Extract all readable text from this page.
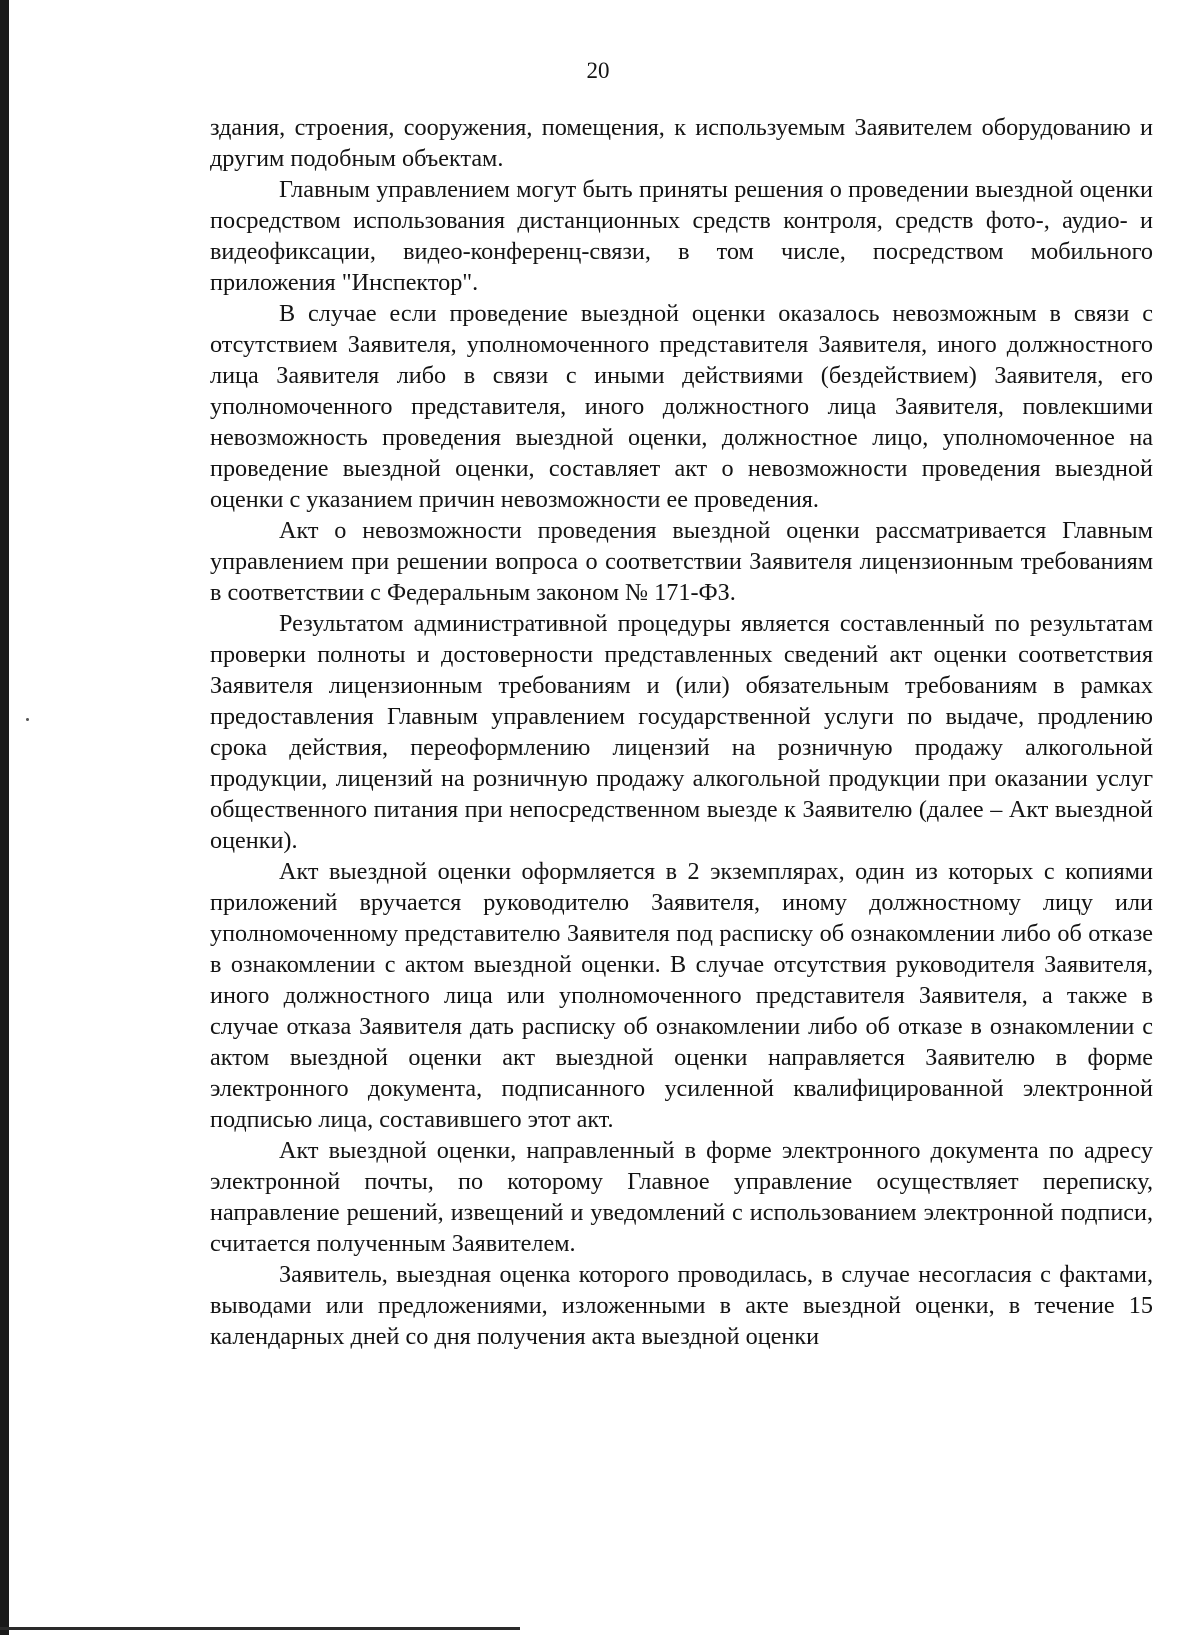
20

здания, строения, сооружения, помещения, к используемым Заявителем оборудованию и другим подобным объектам.

Главным управлением могут быть приняты решения о проведении выездной оценки посредством использования дистанционных средств контроля, средств фото-, аудио- и видеофиксации, видео-конференц-связи, в том числе, посредством мобильного приложения "Инспектор".

В случае если проведение выездной оценки оказалось невозможным в связи с отсутствием Заявителя, уполномоченного представителя Заявителя, иного должностного лица Заявителя либо в связи с иными действиями (бездействием) Заявителя, его уполномоченного представителя, иного должностного лица Заявителя, повлекшими невозможность проведения выездной оценки, должностное лицо, уполномоченное на проведение выездной оценки, составляет акт о невозможности проведения выездной оценки с указанием причин невозможности ее проведения.

Акт о невозможности проведения выездной оценки рассматривается Главным управлением при решении вопроса о соответствии Заявителя лицензионным требованиям в соответствии с Федеральным законом № 171-ФЗ.

Результатом административной процедуры является составленный по результатам проверки полноты и достоверности представленных сведений акт оценки соответствия Заявителя лицензионным требованиям и (или) обязательным требованиям в рамках предоставления Главным управлением государственной услуги по выдаче, продлению срока действия, переоформлению лицензий на розничную продажу алкогольной продукции, лицензий на розничную продажу алкогольной продукции при оказании услуг общественного питания при непосредственном выезде к Заявителю (далее – Акт выездной оценки).

Акт выездной оценки оформляется в 2 экземплярах, один из которых с копиями приложений вручается руководителю Заявителя, иному должностному лицу или уполномоченному представителю Заявителя под расписку об ознакомлении либо об отказе в ознакомлении с актом выездной оценки. В случае отсутствия руководителя Заявителя, иного должностного лица или уполномоченного представителя Заявителя, а также в случае отказа Заявителя дать расписку об ознакомлении либо об отказе в ознакомлении с актом выездной оценки акт выездной оценки направляется Заявителю в форме электронного документа, подписанного усиленной квалифицированной электронной подписью лица, составившего этот акт.

Акт выездной оценки, направленный в форме электронного документа по адресу электронной почты, по которому Главное управление осуществляет переписку, направление решений, извещений и уведомлений с использованием электронной подписи, считается полученным Заявителем.

Заявитель, выездная оценка которого проводилась, в случае несогласия с фактами, выводами или предложениями, изложенными в акте выездной оценки, в течение 15 календарных дней со дня получения акта выездной оценки
